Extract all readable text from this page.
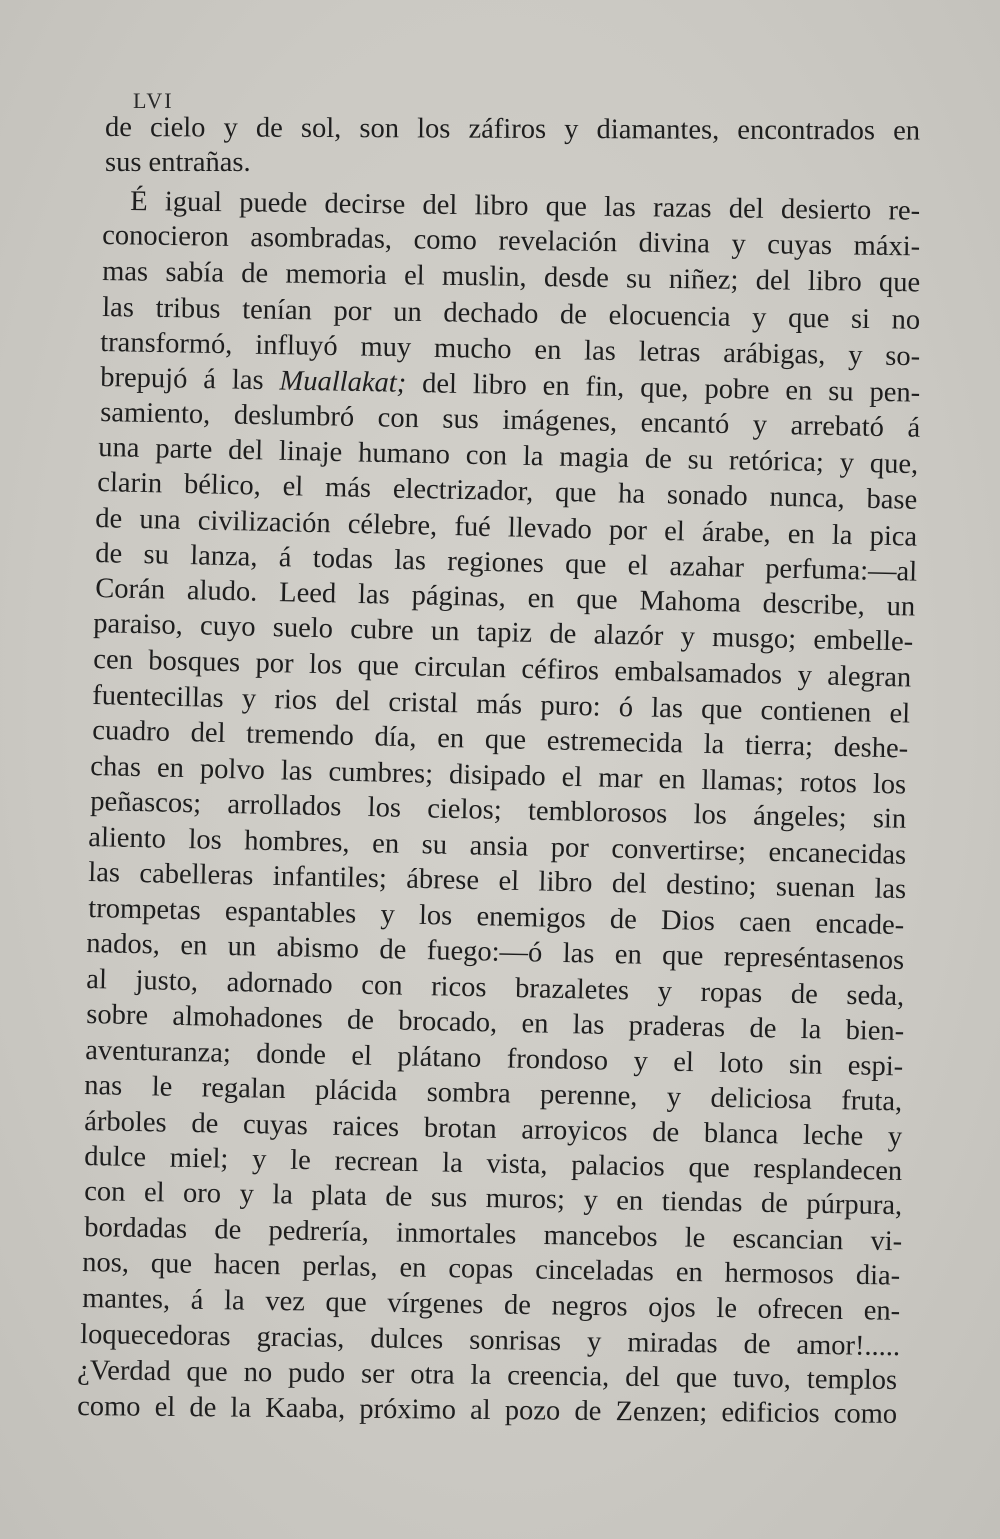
LVI
de cielo y de sol, son los záfiros y diamantes, encontrados en
sus entrañas.
É igual puede decirse del libro que las razas del desierto re-
conocieron asombradas, como revelación divina y cuyas máxi-
mas sabía de memoria el muslin, desde su niñez; del libro que
las tribus tenían por un dechado de elocuencia y que si no
transformó, influyó muy mucho en las letras arábigas, y so-
brepujó á las Muallakat; del libro en fin, que, pobre en su pen-
samiento, deslumbró con sus imágenes, encantó y arrebató á
una parte del linaje humano con la magia de su retórica; y que,
clarin bélico, el más electrizador, que ha sonado nunca, base
de una civilización célebre, fué llevado por el árabe, en la pica
de su lanza, á todas las regiones que el azahar perfuma:—al
Corán aludo. Leed las páginas, en que Mahoma describe, un
paraiso, cuyo suelo cubre un tapiz de alazór y musgo; embelle-
cen bosques por los que circulan céfiros embalsamados y alegran
fuentecillas y rios del cristal más puro: ó las que contienen el
cuadro del tremendo día, en que estremecida la tierra; deshe-
chas en polvo las cumbres; disipado el mar en llamas; rotos los
peñascos; arrollados los cielos; temblorosos los ángeles; sin
aliento los hombres, en su ansia por convertirse; encanecidas
las cabelleras infantiles; ábrese el libro del destino; suenan las
trompetas espantables y los enemigos de Dios caen encade-
nados, en un abismo de fuego:—ó las en que represéntasenos
al justo, adornado con ricos brazaletes y ropas de seda,
sobre almohadones de brocado, en las praderas de la bien-
aventuranza; donde el plátano frondoso y el loto sin espi-
nas le regalan plácida sombra perenne, y deliciosa fruta,
árboles de cuyas raices brotan arroyicos de blanca leche y
dulce miel; y le recrean la vista, palacios que resplandecen
con el oro y la plata de sus muros; y en tiendas de púrpura,
bordadas de pedrería, inmortales mancebos le escancian vi-
nos, que hacen perlas, en copas cinceladas en hermosos dia-
mantes, á la vez que vírgenes de negros ojos le ofrecen en-
loquecedoras gracias, dulces sonrisas y miradas de amor!.....
¿Verdad que no pudo ser otra la creencia, del que tuvo, templos
como el de la Kaaba, próximo al pozo de Zenzen; edificios como
